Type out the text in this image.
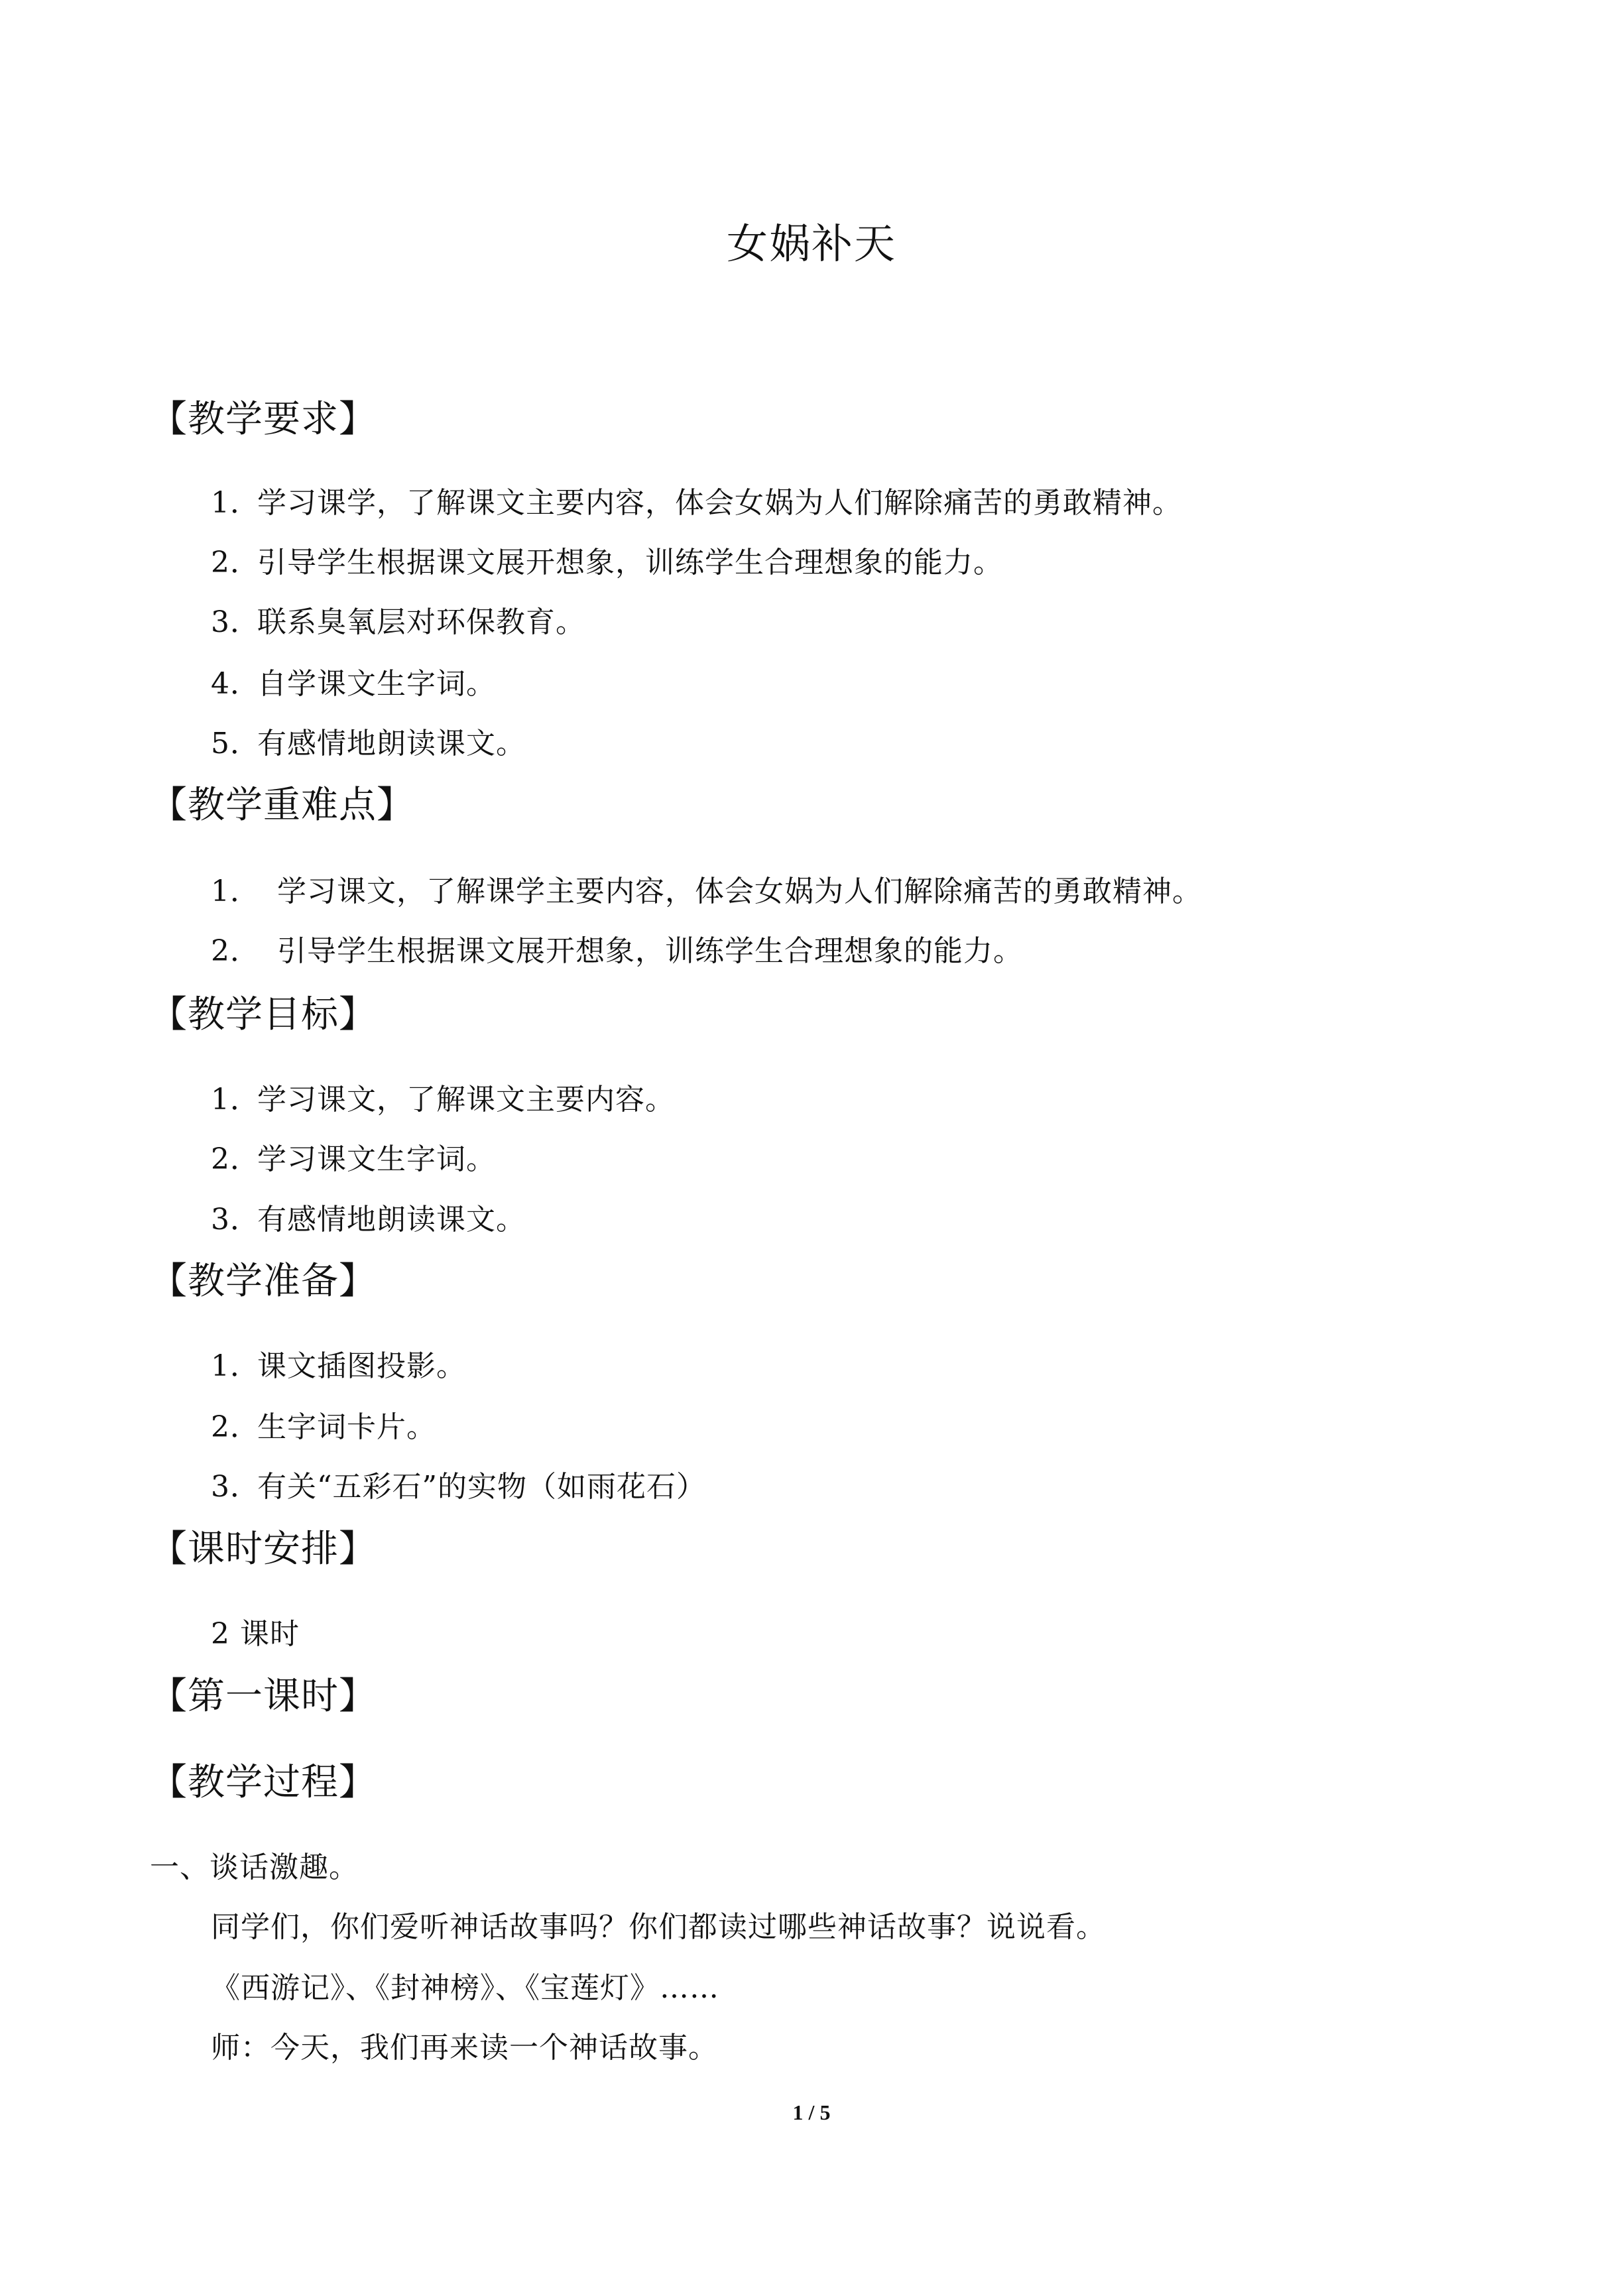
女娲补天
【教学要求】
1．学习课学，了解课文主要内容，体会女娲为人们解除痛苦的勇敢精神。
2．引导学生根据课文展开想象，训练学生合理想象的能力。
3．联系臭氧层对环保教育。
4．自学课文生字词。
5．有感情地朗读课文。
【教学重难点】
1． 学习课文，了解课学主要内容，体会女娲为人们解除痛苦的勇敢精神。
2． 引导学生根据课文展开想象，训练学生合理想象的能力。
【教学目标】
1．学习课文，了解课文主要内容。
2．学习课文生字词。
3．有感情地朗读课文。
【教学准备】
1．课文插图投影。
2．生字词卡片。
3．有关“五彩石”的实物（如雨花石）
【课时安排】
2 课时
【第一课时】
【教学过程】
一、谈话激趣。
同学们，你们爱听神话故事吗？你们都读过哪些神话故事？说说看。
《西游记》、《封神榜》、《宝莲灯》……
师：今天，我们再来读一个神话故事。
1 / 5
